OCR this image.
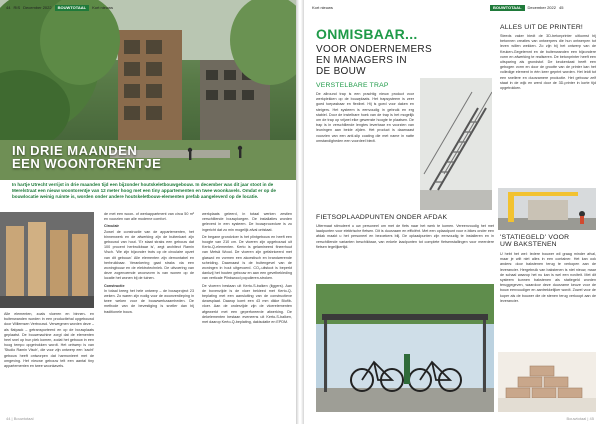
44 RIS December 2022	BOUWTOTAAL	Kort nieuws
IN DRIE MAANDEN
EEN WOONTORENTJE
In hartje Utrecht verrijst in drie maanden tijd een bijzonder houtskeletbouwgebouw. In december was dit jaar stoot in de Merelstraat een nieuw woontorentje van 12 meter hoog met een tiny appartementen en twee woonkavels. Omdat er op de bouwlocatie weinig ruimte is, worden onder andere houtskeletbouw-elementen prefab aangeleverd op de locatie.
Alle elementen, zoals vloeren en binnen- en buitenwanden worden in een productiehal opgebouwd door Willemsen Vertrouwd. Verwegmen worden deze – als flatpack – getransporteerd en op de bouwplaats geplaatst. De bouwmachine zorgt dat de elementen heel snel op hun plek komen, zodat het gebouw in een hoog tempo opgetrokken wordt. Het ontwerp is van 'Studio Ramin Visch', die voor zijn ontwerp een 'zacht' gebouw heeft ontworpen dat harmonieert met de omgeving. Het nieuwe gebouw telt een aantal tiny appartementen en twee woonkavels.
de met een woon- of werkappartment van circa 50 m² en voorzien van alle moderne comfort.
Circulair
Zowel de constructie van de appartementen, het binnenwerk en de afwerking zijn de buitenkant zijn gebouwd van hout. 'Er staat straks een gebouw dat 100 procent herbruikbaar is', zegt architect Ramin Visch. 'We zijn bijzonder trots op de circulaire opzet van dit gebouw.' Alle elementen zijn demontabel en herbruikbaar. Verankering gaat straks via een woningbouw en de elektrotechniek. De uitvoering van deze zogenoemde woonvorm is van wonen op de locatie het wonen bij de tuinen.
Constructie
In totaal kreeg het hele ontwerp – de bouwproject 23 weken. Zo waren zijn nodig voor de woonverdieping in twee weken voor de bouwwerkzaamheden. De methode van de bevestiging is sneller dan bij traditionele bouw.
werkplaats geleerd, in totaal werken zestien verschillende bouwploegen. De installaties worden geleverd in een systeem. De bouwprocedure is zo ingericht dat zo min mogelijk afval ontstaat.
De begane grondvloer is het plintgebouw en heeft een hoogte van 210 cm. De vloeren zijn opgebouwd uit Kerto-Q-elementen. Kerto is gelamineerd fineerhout van Metsä Wood. De vloeren zijn gefabriceerd met glaswol en vormen een akoestisch en brandwerende scheiding. Daarnaast is de buitengevel van de woningen in hout uitgevoerd. CO₂-uitstoot is beperkt dankzij het houten gebouw en aan een gevelbekleding van verticale Plinkwood populieren-stroken.
De vloeren bestaan uit Kerto-S-balken (liggers). Aan de bovenzijde is de vloer bekleed met Kerto-Q-beplating met een aansluiting van de constructieve dwarsplaat. Daarop komt een 43 mm dikke Biofib-vloer. Aan de onderzijde zijn de vloerelementen afgewerkt met een geperforeerde afwerking. De dekelementen bestaan eveneens uit Kerto-S-balken, met daarop Kerto-Q-beplating, dakisolatie en EPDM.
44 | Bouwtotaal
Kort nieuws	BOUWTOTAAL	December 2022 45
ONMISBAAR...
VOOR ONDERNEMERS
EN MANAGERS IN
DE BOUW
VERSTELBARE TRAP
De allround trap is een prachtig nieuw product voor werkplekken op de bouwplaats. Het trapsysteem is zeer goed toepasbaar en flexibel. Hij is goed voor daken en steigers. Het systeem is eenvoudig in gebruik en erg stabiel. Door de instelbare hoek van de trap is het mogelijk om de trap op vrijwel elke gewenste hoogte te plaatsen. De trap is in verschillende lengtes leverbaar en voorzien van leuningen aan beide zijden. Het product is daarnaast voorzien van een anti-slip coating die met name in natte omstandigheden een voordeel biedt.
FIETSOPLAADPUNTEN ONDER AFDAK
Uitermaat stimuleert u uw personeel om met de fiets naar het werk te komen. Vereenvoudig het met laadpunten voor elektrische fietsen. Dit is duurzaam en efficiënt. Met een oplaadpunt voor e-bikes onder een afdak maakt u het personeel en bezoekers blij. De oplaadpunten zijn eenvoudig te installeren en in verschillende varianten beschikbaar, van enkele laadpunten tot complete fietsenstallingen voor meerdere fietsen tegelijkertijd.
ALLES UIT DE PRINTER!
Steeds vaker biedt de 3D-betonprinter uitkomst bij betonnen creaties van ontwerpers die hun ontwerpen tot leven willen wekken. Zo zijn bij het ontwerp van de Keuken-Gegelemnt en de buitenwanden een bijzondere vorm en afwerking te realiseren. De betonprinter heeft een uitsparing als grondstof. De keukenkast heeft een gebogen vorm en door de grootte van de printer kan het volledige element in één keer geprint worden. Het leidt tot een snellere en duurzamere productie. Het gebouw zelf staat in de wijk en werd door de 3D-printer in korte tijd opgetrokken.
'STATIEGELD' VOOR
UW BAKSTENEN
U hebt het wel: Iedere bouwer wil graag minder afval, maar je wilt niet alles in een container. Het kan ook anders: door bakstenen terug te verkopen aan de leverancier. Hergebruik van bakstenen is niet nieuw, maar de schaal waarop het nu kan is wel een noviteit. Met dit systeem kunnen bakstenen als statiegeld worden teruggegeven, waardoor deze duurzame keuze voor de bouw eenvoudiger en aantrekkelijker wordt. Zowel voor de koper als de bouwer die de stenen terug verkoopt aan de leverancier.
Bouwtotaal | 45
